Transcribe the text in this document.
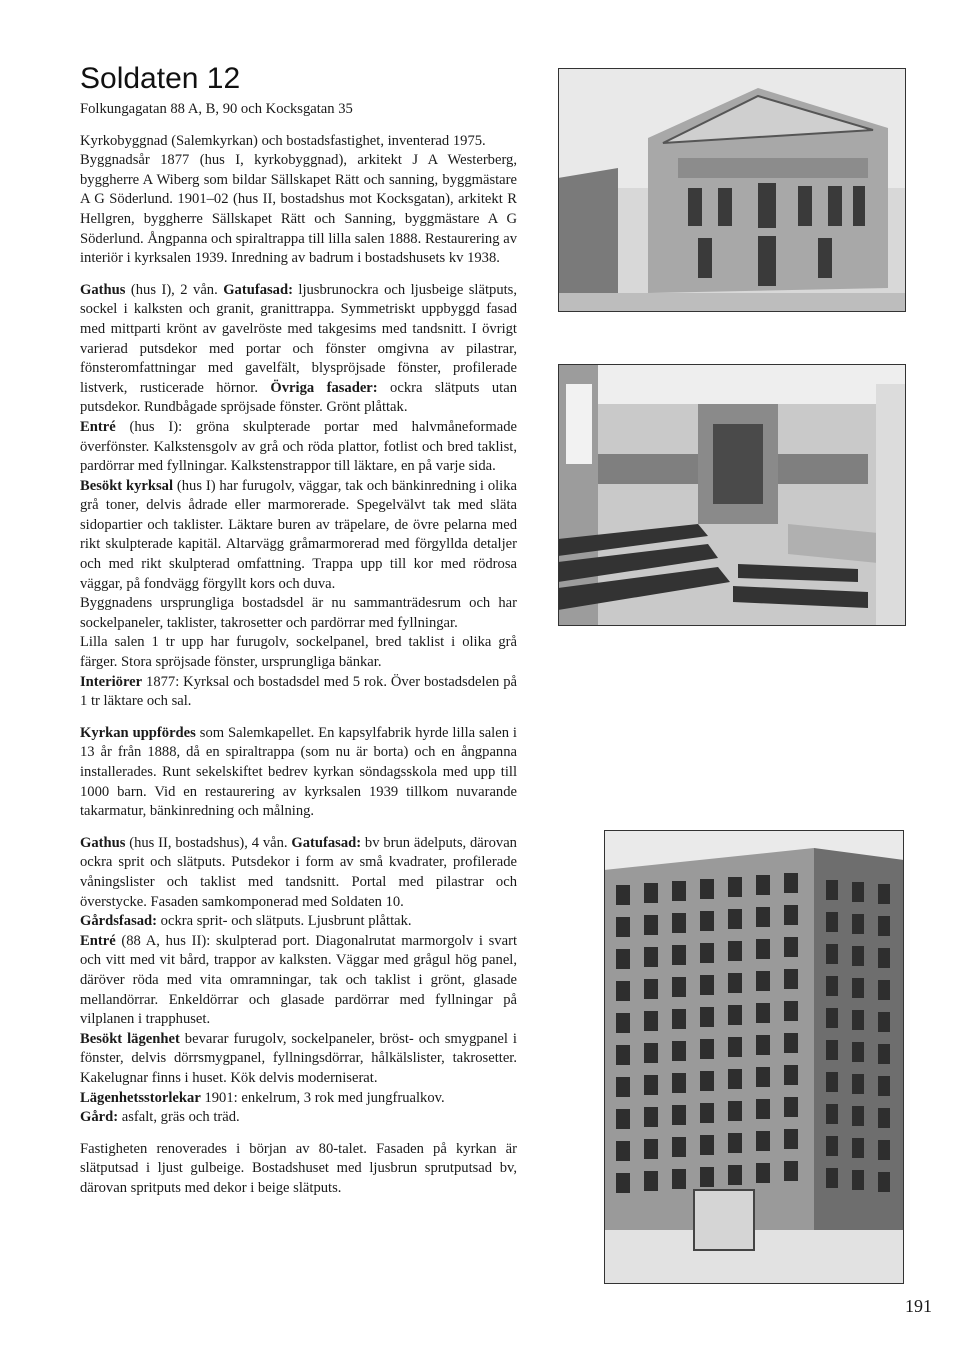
Soldaten 12

Folkungagatan 88 A, B, 90 och Kocksgatan 35

Kyrkobyggnad (Salemkyrkan) och bostadsfastighet, inventerad 1975.

Byggnadsår 1877 (hus I, kyrkobyggnad), arkitekt J A Westerberg, byggherre A Wiberg som bildar Sällskapet Rätt och sanning, byggmästare A G Söderlund. 1901–02 (hus II, bostadshus mot Kocksgatan), arkitekt R Hellgren, byggherre Sällskapet Rätt och Sanning, byggmästare A G Söderlund. Ångpanna och spiraltrappa till lilla salen 1888. Restaurering av interiör i kyrksalen 1939. Inredning av badrum i bostadshusets kv 1938.

Gathus (hus I), 2 vån. Gatufasad: ljusbrunockra och ljusbeige slätputs, sockel i kalksten och granit, granittrappa. Symmetriskt uppbyggd fasad med mittparti krönt av gavelröste med takgesims med tandsnitt. I övrigt varierad putsdekor med portar och fönster omgivna av pilastrar, fönsteromfattningar med gavelfält, blyspröjsade fönster, profilerade listverk, rusticerade hörnor. Övriga fasader: ockra slätputs utan putsdekor. Rundbågade spröjsade fönster. Grönt plåttak.

Entré (hus I): gröna skulpterade portar med halvmåneformade överfönster. Kalkstensgolv av grå och röda plattor, fotlist och bred taklist, pardörrar med fyllningar. Kalkstenstrappor till läktare, en på varje sida.

Besökt kyrksal (hus I) har furugolv, väggar, tak och bänkinredning i olika grå toner, delvis ådrade eller marmorerade. Spegelvälvt tak med släta sidopartier och taklister. Läktare buren av träpelare, de övre pelarna med rikt skulpterade kapitäl. Altarvägg gråmarmorerad med förgyllda detaljer och med rikt skulpterad omfattning. Trappa upp till kor med rödrosa väggar, på fondvägg förgyllt kors och duva.

Byggnadens ursprungliga bostadsdel är nu sammanträdesrum och har sockelpaneler, taklister, takrosetter och pardörrar med fyllningar.

Lilla salen 1 tr upp har furugolv, sockelpanel, bred taklist i olika grå färger. Stora spröjsade fönster, ursprungliga bänkar.

Interiörer 1877: Kyrksal och bostadsdel med 5 rok. Över bostadsdelen på 1 tr läktare och sal.

Kyrkan uppfördes som Salemkapellet. En kapsylfabrik hyrde lilla salen i 13 år från 1888, då en spiraltrappa (som nu är borta) och en ångpanna installerades. Runt sekelskiftet bedrev kyrkan söndagsskola med upp till 1000 barn. Vid en restaurering av kyrksalen 1939 tillkom nuvarande takarmatur, bänkinredning och målning.

Gathus (hus II, bostadshus), 4 vån. Gatufasad: bv brun ädelputs, därovan ockra sprit och slätputs. Putsdekor i form av små kvadrater, profilerade våningslister och taklist med tandsnitt. Portal med pilastrar och överstycke. Fasaden samkomponerad med Soldaten 10.

Gårdsfasad: ockra sprit- och slätputs. Ljusbrunt plåttak.

Entré (88 A, hus II): skulpterad port. Diagonalrutat marmorgolv i svart och vitt med vit bård, trappor av kalksten. Väggar med grågul hög panel, däröver röda med vita omramningar, tak och taklist i grönt, glasade mellandörrar. Enkeldörrar och glasade pardörrar med fyllningar på vilplanen i trapphuset.

Besökt lägenhet bevarar furugolv, sockelpaneler, bröst- och smygpanel i fönster, delvis dörrsmygpanel, fyllningsdörrar, hålkälslister, takrosetter. Kakelugnar finns i huset. Kök delvis moderniserat.

Lägenhetsstorlekar 1901: enkelrum, 3 rok med jungfrualkov.

Gård: asfalt, gräs och träd.

Fastigheten renoverades i början av 80-talet. Fasaden på kyrkan är slätputsad i ljust gulbeige. Bostadshuset med ljusbrun sprutputsad bv, därovan spritputs med dekor i beige slätputs.

191
